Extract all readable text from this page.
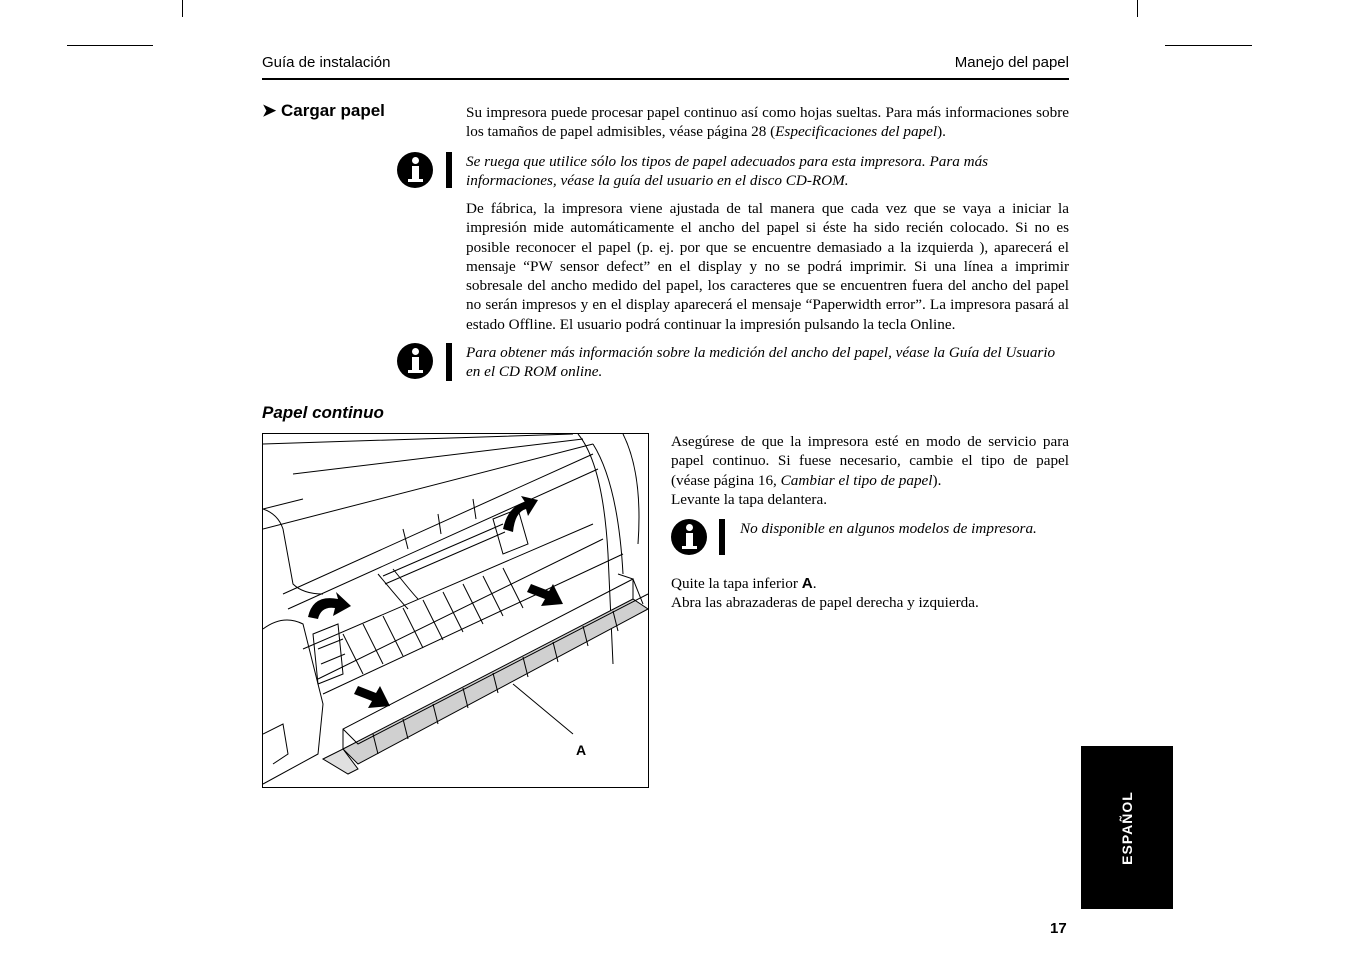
Guía de instalación	Manejo del papel
➤ Cargar papel	Su impresora puede procesar papel continuo así como hojas sueltas. Para más informaciones sobre los tamaños de papel admisibles, véase página 28 (Especificaciones del papel).
Se ruega que utilice sólo los tipos de papel adecuados para esta impresora. Para más informaciones, véase la guía del usuario en el disco CD-ROM.
De fábrica, la impresora viene ajustada de tal manera que cada vez que se vaya a iniciar la impresión mide automáticamente el ancho del papel si éste ha sido recién colocado. Si no es posible reconocer el papel (p. ej. por que se encuentre demasiado a la izquierda ), aparecerá el mensaje “PW sensor defect” en el display y no se podrá imprimir. Si una línea a imprimir sobresale del ancho medido del papel, los caracteres que se encuentren fuera del ancho del papel no serán impresos y en el display aparecerá el mensaje “Paperwidth error”. La impresora pasará al estado Offline. El usuario podrá continuar la impresión pulsando la tecla Online.
Para obtener más información sobre la medición del ancho del papel, véase la Guía del Usuario en el CD ROM online.
Papel continuo
A
Asegúrese de que la impresora esté en modo de servicio para papel continuo. Si fuese necesario, cambie el tipo de papel (véase página 16, Cambiar el tipo de papel).
Levante la tapa delantera.
No disponible en algunos modelos de impresora.
Quite la tapa inferior A.
Abra las abrazaderas de papel derecha y izquierda.
ESPAÑOL
17
